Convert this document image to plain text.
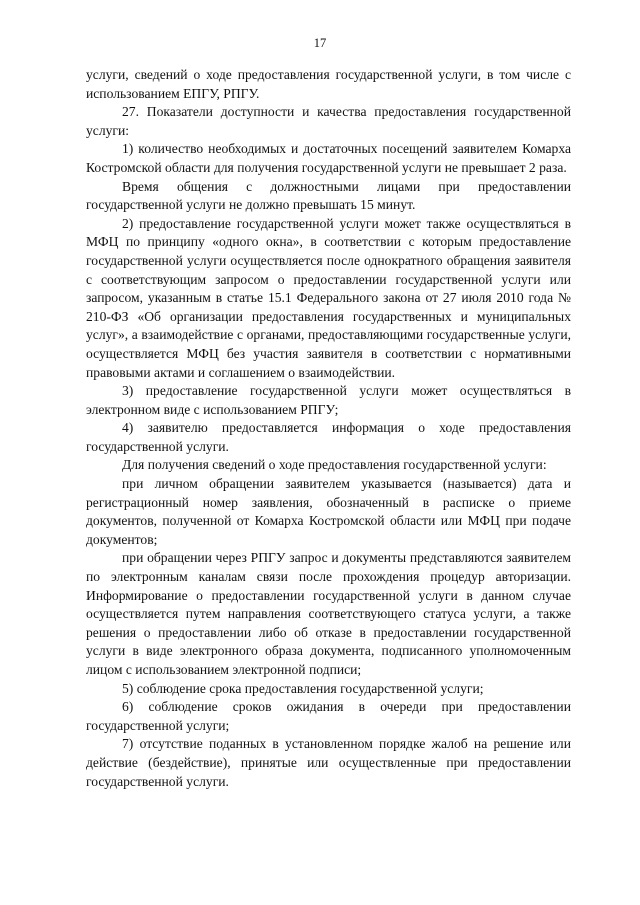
17

услуги, сведений о ходе предоставления государственной услуги, в том числе с использованием ЕПГУ, РПГУ.

27. Показатели доступности и качества предоставления государственной услуги:

1) количество необходимых и достаточных посещений заявителем Комарха Костромской области для получения государственной услуги не превышает 2 раза.

Время общения с должностными лицами при предоставлении государственной услуги не должно превышать 15 минут.

2) предоставление государственной услуги может также осуществляться в МФЦ по принципу «одного окна», в соответствии с которым предоставление государственной услуги осуществляется после однократного обращения заявителя с соответствующим запросом о предоставлении государственной услуги или запросом, указанным в статье 15.1 Федерального закона от 27 июля 2010 года № 210-ФЗ «Об организации предоставления государственных и муниципальных услуг», а взаимодействие с органами, предоставляющими государственные услуги, осуществляется МФЦ без участия заявителя в соответствии с нормативными правовыми актами и соглашением о взаимодействии.

3) предоставление государственной услуги может осуществляться в электронном виде с использованием РПГУ;

4) заявителю предоставляется информация о ходе предоставления государственной услуги.

Для получения сведений о ходе предоставления государственной услуги:

при личном обращении заявителем указывается (называется) дата и регистрационный номер заявления, обозначенный в расписке о приеме документов, полученной от Комарха Костромской области или МФЦ при подаче документов;

при обращении через РПГУ запрос и документы представляются заявителем по электронным каналам связи после прохождения процедур авторизации. Информирование о предоставлении государственной услуги в данном случае осуществляется путем направления соответствующего статуса услуги, а также решения о предоставлении либо об отказе в предоставлении государственной услуги в виде электронного образа документа, подписанного уполномоченным лицом с использованием электронной подписи;

5) соблюдение срока предоставления государственной услуги;

6) соблюдение сроков ожидания в очереди при предоставлении государственной услуги;

7) отсутствие поданных в установленном порядке жалоб на решение или действие (бездействие), принятые или осуществленные при предоставлении государственной услуги.
